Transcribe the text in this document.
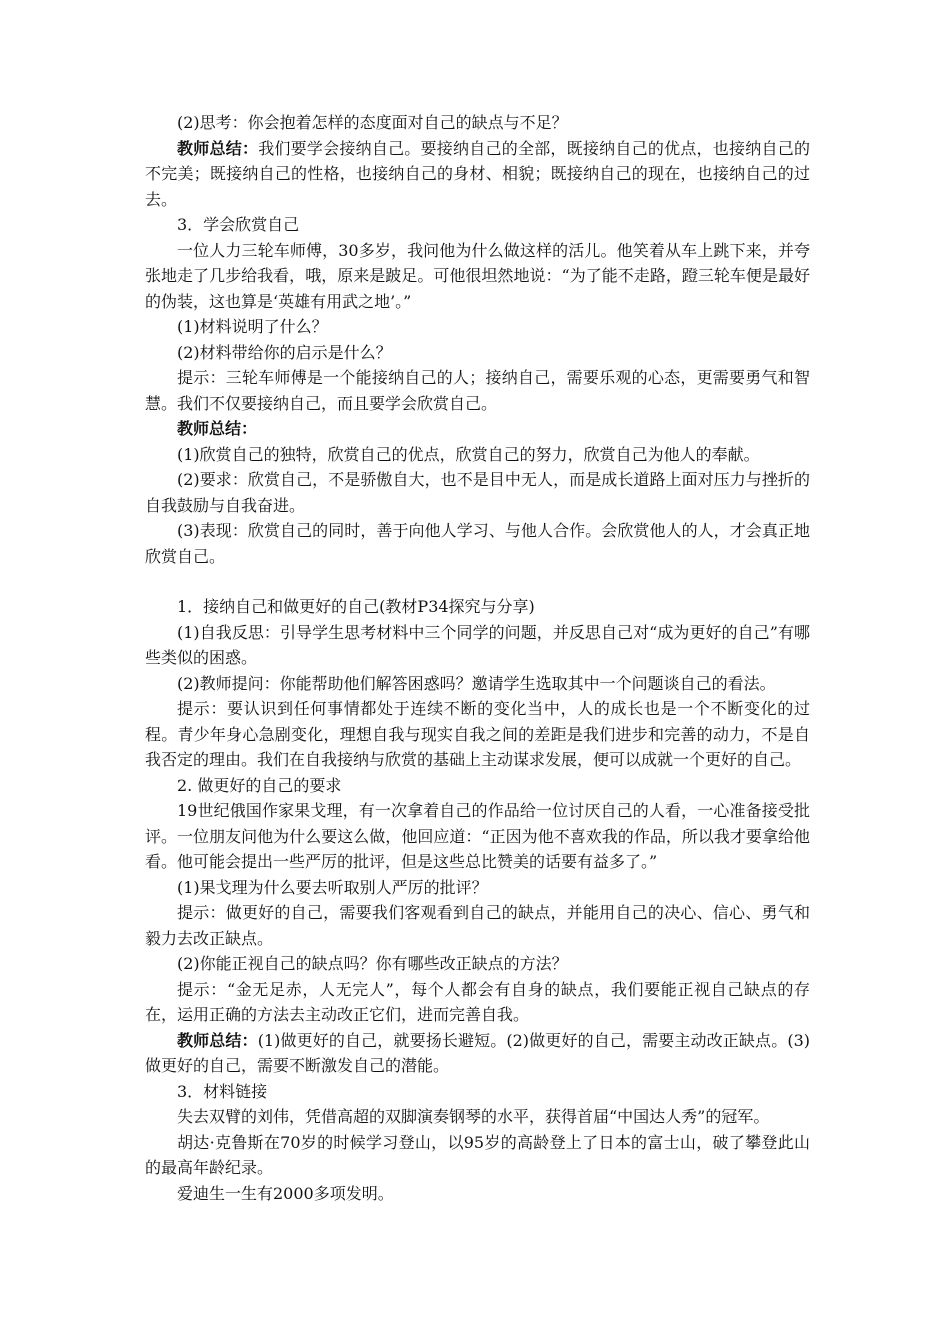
(2)思考：你会抱着怎样的态度面对自己的缺点与不足？

教师总结：我们要学会接纳自己。要接纳自己的全部，既接纳自己的优点，也接纳自己的不完美；既接纳自己的性格，也接纳自己的身材、相貌；既接纳自己的现在，也接纳自己的过去。

3．学会欣赏自己

一位人力三轮车师傅，30多岁，我问他为什么做这样的活儿。他笑着从车上跳下来，并夸张地走了几步给我看，哦，原来是跛足。可他很坦然地说：“为了能不走路，蹬三轮车便是最好的伪装，这也算是‘英雄有用武之地’。”

(1)材料说明了什么？

(2)材料带给你的启示是什么？

提示：三轮车师傅是一个能接纳自己的人；接纳自己，需要乐观的心态，更需要勇气和智慧。我们不仅要接纳自己，而且要学会欣赏自己。

教师总结：

(1)欣赏自己的独特，欣赏自己的优点，欣赏自己的努力，欣赏自己为他人的奉献。

(2)要求：欣赏自己，不是骄傲自大，也不是目中无人，而是成长道路上面对压力与挫折的自我鼓励与自我奋进。

(3)表现：欣赏自己的同时，善于向他人学习、与他人合作。会欣赏他人的人，才会真正地欣赏自己。

1．接纳自己和做更好的自己(教材P34探究与分享)

(1)自我反思：引导学生思考材料中三个同学的问题，并反思自己对“成为更好的自己”有哪些类似的困惑。

(2)教师提问：你能帮助他们解答困惑吗？邀请学生选取其中一个问题谈自己的看法。

提示：要认识到任何事情都处于连续不断的变化当中，人的成长也是一个不断变化的过程。青少年身心急剧变化，理想自我与现实自我之间的差距是我们进步和完善的动力，不是自我否定的理由。我们在自我接纳与欣赏的基础上主动谋求发展，便可以成就一个更好的自己。

2. 做更好的自己的要求

19世纪俄国作家果戈理，有一次拿着自己的作品给一位讨厌自己的人看，一心准备接受批评。一位朋友问他为什么要这么做，他回应道：“正因为他不喜欢我的作品，所以我才要拿给他看。他可能会提出一些严厉的批评，但是这些总比赞美的话要有益多了。”

(1)果戈理为什么要去听取别人严厉的批评？

提示：做更好的自己，需要我们客观看到自己的缺点，并能用自己的决心、信心、勇气和毅力去改正缺点。

(2)你能正视自己的缺点吗？你有哪些改正缺点的方法？

提示：“金无足赤，人无完人”，每个人都会有自身的缺点，我们要能正视自己缺点的存在，运用正确的方法去主动改正它们，进而完善自我。

教师总结：(1)做更好的自己，就要扬长避短。(2)做更好的自己，需要主动改正缺点。(3)做更好的自己，需要不断激发自己的潜能。

3．材料链接

失去双臂的刘伟，凭借高超的双脚演奏钢琴的水平，获得首届“中国达人秀”的冠军。

胡达·克鲁斯在70岁的时候学习登山，以95岁的高龄登上了日本的富士山，破了攀登此山的最高年龄纪录。

爱迪生一生有2000多项发明。
